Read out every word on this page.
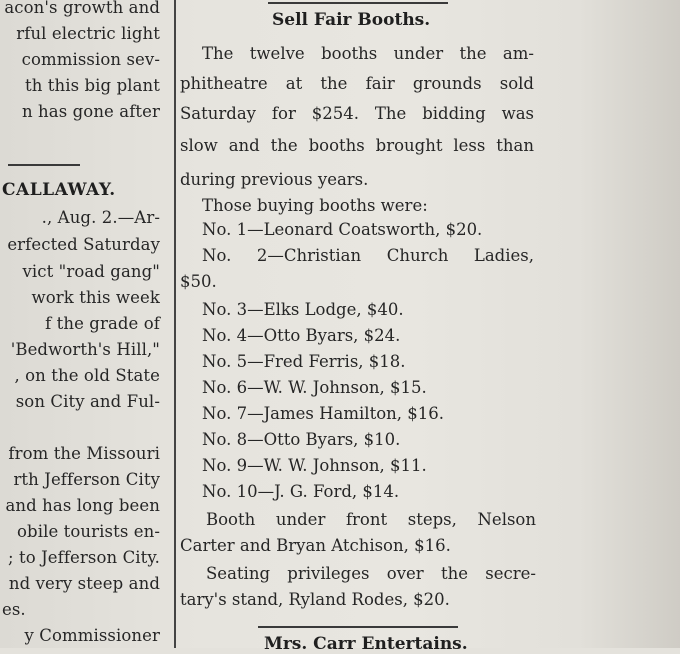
acon's growth and
rful electric light
commission sev-
th this big plant
n has gone after
CALLAWAY.
., Aug. 2.—Ar-
erfected Saturday
vict "road gang"
work this week
f the grade of
'Bedworth's Hill,"
, on the old State
son City and Ful-
from the Missouri
rth Jefferson City
and has long been
obile tourists en-
; to Jefferson City.
nd very steep and
es.
y Commissioner
Sell Fair Booths.
The twelve booths under the am-
phitheatre at the fair grounds sold
Saturday for $254. The bidding was
slow and the booths brought less than
during previous years.
Those buying booths were:
No. 1—Leonard Coatsworth, $20.
No. 2—Christian Church Ladies,
$50.
No. 3—Elks Lodge, $40.
No. 4—Otto Byars, $24.
No. 5—Fred Ferris, $18.
No. 6—W. W. Johnson, $15.
No. 7—James Hamilton, $16.
No. 8—Otto Byars, $10.
No. 9—W. W. Johnson, $11.
No. 10—J. G. Ford, $14.
Booth under front steps, Nelson
Carter and Bryan Atchison, $16.
Seating privileges over the secre-
tary's stand, Ryland Rodes, $20.
Mrs. Carr Entertains.
